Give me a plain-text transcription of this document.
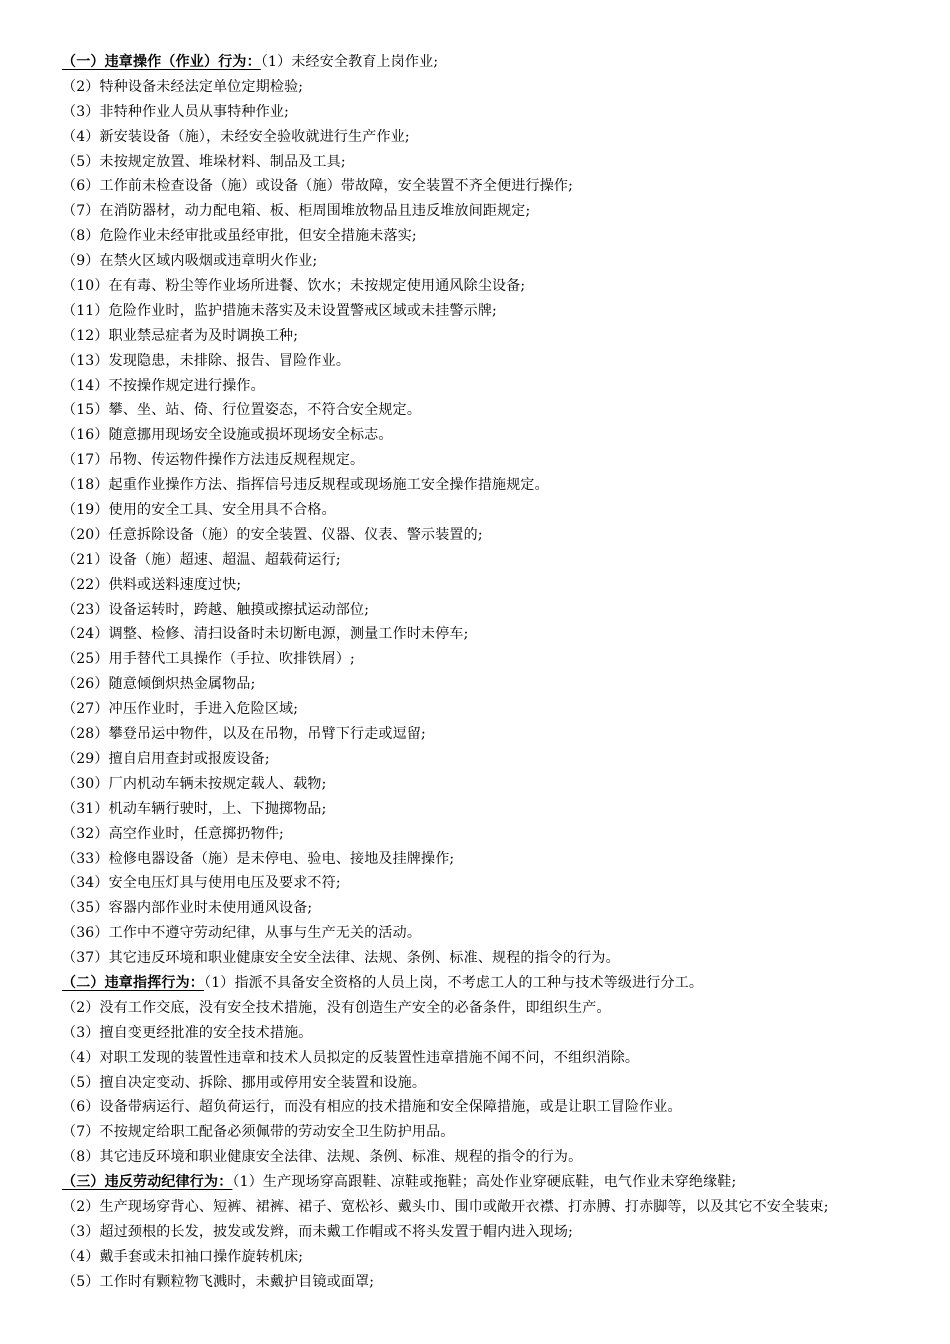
（一）违章操作（作业）行为：（1）未经安全教育上岗作业;
（2）特种设备未经法定单位定期检验;
（3）非特种作业人员从事特种作业;
（4）新安装设备（施），未经安全验收就进行生产作业;
（5）未按规定放置、堆垛材料、制品及工具;
（6）工作前未检查设备（施）或设备（施）带故障，安全装置不齐全便进行操作;
（7）在消防器材，动力配电箱、板、柜周围堆放物品且违反堆放间距规定;
（8）危险作业未经审批或虽经审批，但安全措施未落实;
（9）在禁火区域内吸烟或违章明火作业;
（10）在有毒、粉尘等作业场所进餐、饮水；未按规定使用通风除尘设备;
（11）危险作业时，监护措施未落实及未设置警戒区域或未挂警示牌;
（12）职业禁忌症者为及时调换工种;
（13）发现隐患，未排除、报告、冒险作业。
（14）不按操作规定进行操作。
（15）攀、坐、站、倚、行位置姿态，不符合安全规定。
（16）随意挪用现场安全设施或损坏现场安全标志。
（17）吊物、传运物件操作方法违反规程规定。
（18）起重作业操作方法、指挥信号违反规程或现场施工安全操作措施规定。
（19）使用的安全工具、安全用具不合格。
（20）任意拆除设备（施）的安全装置、仪器、仪表、警示装置的;
（21）设备（施）超速、超温、超载荷运行;
（22）供料或送料速度过快;
（23）设备运转时，跨越、触摸或擦拭运动部位;
（24）调整、检修、清扫设备时未切断电源，测量工作时未停车;
（25）用手替代工具操作（手拉、吹排铁屑）;
（26）随意倾倒炽热金属物品;
（27）冲压作业时，手进入危险区域;
（28）攀登吊运中物件，以及在吊物，吊臂下行走或逗留;
（29）擅自启用查封或报废设备;
（30）厂内机动车辆未按规定载人、载物;
（31）机动车辆行驶时，上、下抛掷物品;
（32）高空作业时，任意掷扔物件;
（33）检修电器设备（施）是未停电、验电、接地及挂牌操作;
（34）安全电压灯具与使用电压及要求不符;
（35）容器内部作业时未使用通风设备;
（36）工作中不遵守劳动纪律，从事与生产无关的活动。
（37）其它违反环境和职业健康安全安全法律、法规、条例、标准、规程的指令的行为。
（二）违章指挥行为：（1）指派不具备安全资格的人员上岗，不考虑工人的工种与技术等级进行分工。
（2）没有工作交底，没有安全技术措施，没有创造生产安全的必备条件，即组织生产。
（3）擅自变更经批准的安全技术措施。
（4）对职工发现的装置性违章和技术人员拟定的反装置性违章措施不闻不问，不组织消除。
（5）擅自决定变动、拆除、挪用或停用安全装置和设施。
（6）设备带病运行、超负荷运行，而没有相应的技术措施和安全保障措施，或是让职工冒险作业。
（7）不按规定给职工配备必须佩带的劳动安全卫生防护用品。
（8）其它违反环境和职业健康安全法律、法规、条例、标准、规程的指令的行为。
（三）违反劳动纪律行为：（1）生产现场穿高跟鞋、凉鞋或拖鞋；高处作业穿硬底鞋，电气作业未穿绝缘鞋;
（2）生产现场穿背心、短裤、裙裤、裙子、宽松衫、戴头巾、围巾或敞开衣襟、打赤膊、打赤脚等，以及其它不安全装束;
（3）超过颈根的长发，披发或发辫，而未戴工作帽或不将头发置于帽内进入现场;
（4）戴手套或未扣袖口操作旋转机床;
（5）工作时有颗粒物飞溅时，未戴护目镜或面罩;
